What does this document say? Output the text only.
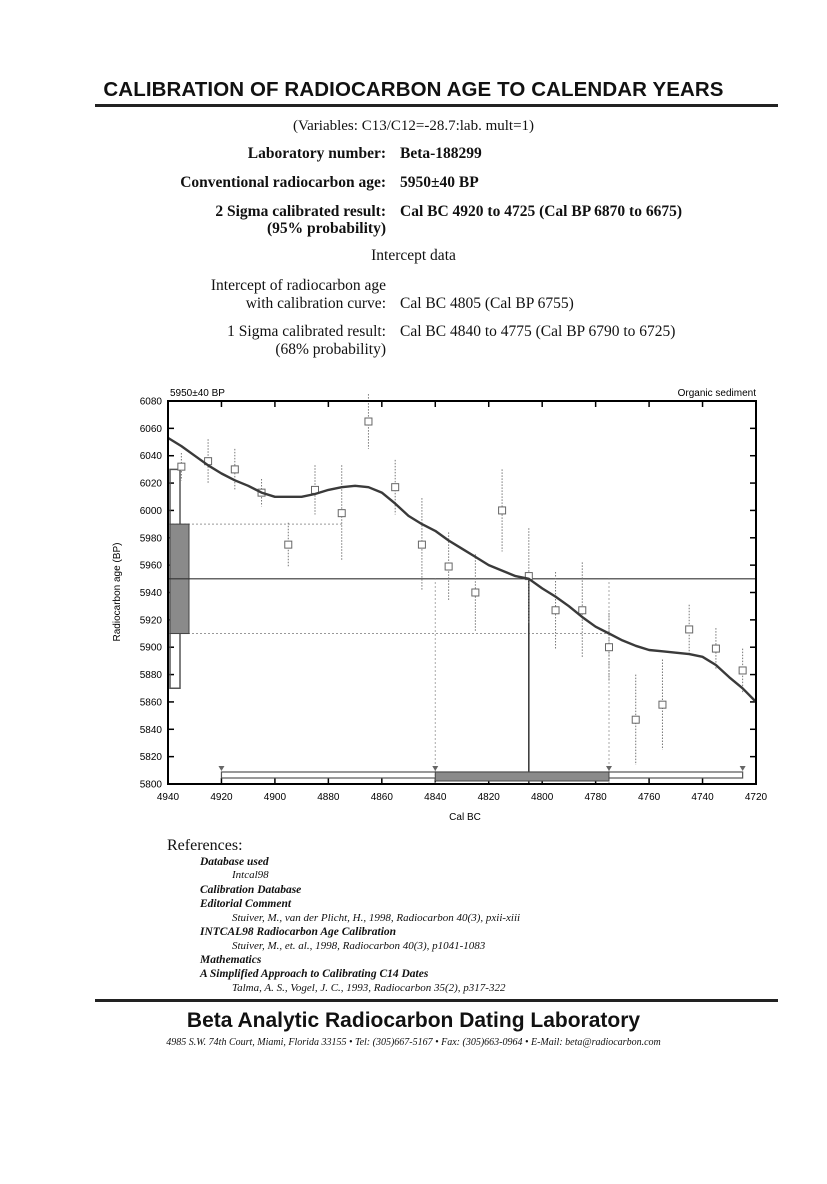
CALIBRATION OF RADIOCARBON AGE TO CALENDAR YEARS
(Variables: C13/C12=-28.7:lab. mult=1)
Laboratory number: Beta-188299
Conventional radiocarbon age: 5950±40 BP
2 Sigma calibrated result:
(95% probability)
Cal BC 4920 to 4725 (Cal BP 6870 to 6675)
Intercept data
Intercept of radiocarbon age
with calibration curve: Cal BC 4805 (Cal BP 6755)
1 Sigma calibrated result:
(68% probability)
Cal BC 4840 to 4775 (Cal BP 6790 to 6725)
5950±40 BP	Organic sediment
Cal BC
Radiocarbon age (BP)
4940	4920	4900	4880	4860	4840	4820	4800	4780	4760	4740	4720
6080
6060
6040
6020
6000
5980
5960
5940
5920
5900
5880
5860
5840
5820
5800
References:
Database used
Intcal98
Calibration Database
Editorial Comment
Stuiver, M., van der Plicht, H., 1998, Radiocarbon 40(3), pxii-xiii
INTCAL98 Radiocarbon Age Calibration
Stuiver, M., et. al., 1998, Radiocarbon 40(3), p1041-1083
Mathematics
A Simplified Approach to Calibrating C14 Dates
Talma, A. S., Vogel, J. C., 1993, Radiocarbon 35(2), p317-322
Beta Analytic Radiocarbon Dating Laboratory
4985 S.W. 74th Court, Miami, Florida 33155 • Tel: (305)667-5167 • Fax: (305)663-0964 • E-Mail: beta@radiocarbon.com
